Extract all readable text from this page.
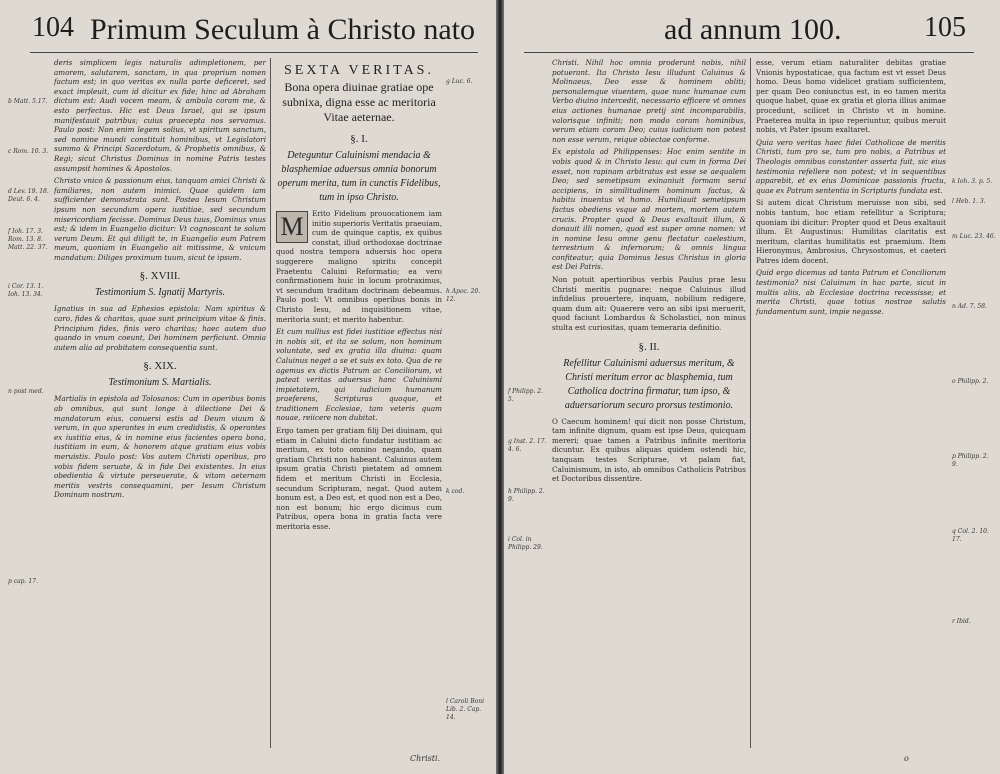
104 Primum Seculum à Christo nato
b Matt. 5.17.
c Rom. 10. 3.
d Lev. 19. 18. Deut. 6. 4.
f Ioh. 17. 3. Rom. 13. 8. Matt. 22. 37.
i Cor. 13. 1. Ioh. 13. 34.
n post med.
p cap. 17.

deris simplicem legis naturalis adimpletionem, per amorem, salutarem, sanctam, in qua proprium nomen factum est; in quo veritas ex nulla parte deficeret, sed exact impleuit, cum id dicitur ex fide; hinc ad Abraham dictum est: Audi vocem meam, & ambula coram me, & esto perfectus. Hic est Deus Israel, qui se ipsum manifestauit patribus; cuius praecepta nos servamus. Paulo post: Non enim legem solius, vt spiritum sanctum, sed nomine mundi constituit hominibus, vt Legislatori summo & Principi Sacerdotum, & Prophetis omnibus, & Regi; sicut Christus Dominus in nomine Patris testes assumpsit homines & Apostolos.

Christo vnico & passionum eius, tanquam amici Christi & familiares, non autem inimici. Quae quidem iam sufficienter demonstrata sunt. Postea Iesum Christum ipsum non secundum opera iustitiae, sed secundum misericordiam fecisse. Dominus Deus tuus, Dominus vnus est; & idem in Euangelio dicitur: Vt cognoscant te solum verum Deum. Et qui diligit te, in Euangelio eum Patrem meum, quoniam in Euangelio ait mitissime, & vnicum mandatum: Diliges proximum tuum, sicut te ipsum.

§. XVIII.
Testimonium S. Ignatij Martyris.

Ignatius in sua ad Ephesios epistola: Nam spiritus & caro, fides & charitas, quae sunt principium vitae & finis. Principium fides, finis vero charitas; haec autem duo quando in vnum coeunt, Dei hominem perficiunt. Omnia autem alia ad probitatem consequentia sunt.

§. XIX.
Testimonium S. Martialis.

Martialis in epistola ad Tolosanos: Cum in operibus bonis ab omnibus, qui sunt longe à dilectione Dei & mandatorum eius, conuersi estis ad Deum viuum & verum, in quo sperantes in eum credidistis, & operantes ex iustitia eius, & in nomine eius facientes opera bona, iustitiam in eum, & honorem atque gratiam eius vobis meruistis. Paulo post: Vos autem Christi operibus, pro vobis fidem seruate, & in fide Dei existentes. In eius obedientia & virtute perseuerate, & vitam aeternam meritis vestris consequamini, per Iesum Christum Dominum nostrum.

SEXTA VERITAS.
Bona opera diuinae gratiae ope subnixa, digna esse ac meritoria Vitae aeternae.
§. I.
Deteguntur Caluinismi mendacia & blasphemiae aduersus omnia bonorum operum merita, tum in cunctis Fidelibus, tum in ipso Christo.

M	Erito Fidelium prouocationem iam initio superioris Veritatis praeuiam, cum de quinque captis, ex quibus constat, illud orthodoxae doctrinae quod nostra tempora aduersis hoc opera suggerere maligno spiritu concepit Praetentu Caluini Reformatio; ea vero confirmationem huic in locum protraximus, vt secundum traditam doctrinam debeamus. Paulo post: Vt omnibus operibus bonis in Christo Iesu, ad inquisitionem vitae, meritoria sunt; et merito habentur.

Et cum nullius est fidei iustitiae effectus nisi in nobis sit, et ita se solum, non hominum voluntate, sed ex gratia illa diuina: quam Caluinus neget a se et suis ex toto. Qua de re agemus ex dictis Patrum ac Conciliorum, vt pateat veritas aduersus hanc Caluinismi impietatem, qui iudicium humanum praeferens, Scripturas quoque, et traditionem Ecclesiae, tam veteris quam nouae, reiicere non dubitat.

Ergo tamen per gratiam filij Dei diuinam, qui etiam in Caluini dicto fundatur iustitiam ac meritum, ex toto omnino negando, quam gratiam Christi non habeant. Caluinus autem ipsum gratia Christi pietatem ad omnem fidem et meritum Christi in Ecclesia, secundum Scripturam, negat. Quod autem bonum est, a Deo est, et quod non est a Deo, non est bonum; hic ergo dicimus cum Patribus, opera bona in gratia facta vere meritoria esse.

g Luc. 6.
h Apoc. 20. 12.
k cod.
l Caroli Boni Lib. 2. Cap. 14.
Christi.
ad annum 100.	105
f Philipp. 2. 5.
g Inst. 2. 17. 4. 6.
h Philipp. 2. 9.
i Col. in Philipp. 29.

Christi. Nihil hoc omnia proderunt nobis, nihil potuerant. Ita Christo Iesu illudunt Caluinus & Molinaeus, Deo esse & hominem obliti; personalemque viuentem, quae nunc humanae cum Verbo diuino intercedit, necessario efficere vt omnes eius actiones humanae pretij sint incomparabilis, valorisque infiniti; non modo coram hominibus, verum etiam coram Deo; cuius iudicium non potest non esse verum, reique obiectae conforme.

Ex epistola ad Philippenses: Hoc enim sentite in vobis quod & in Christo Iesu: qui cum in forma Dei esset, non rapinam arbitratus est esse se aequalem Deo; sed semetipsum exinaniuit formam serui accipiens, in similitudinem hominum factus, & habitu inuentus vt homo. Humiliauit semetipsum factus obediens vsque ad mortem, mortem autem crucis. Propter quod & Deus exaltauit illum, & donauit illi nomen, quod est super omne nomen: vt in nomine Iesu omne genu flectatur caelestium, terrestrium & infernorum; & omnis lingua confiteatur, quia Dominus Iesus Christus in gloria est Dei Patris.

Non potuit apertioribus verbis Paulus prae Iesu Christi meritis pugnare: neque Caluinus illud infidelius prouertere, inquam, nobilium redigere, quam dum ait: Quaerere vero an sibi ipsi meruerit, quod faciunt Lombardus & Scholastici, non minus stulta est curiositas, quam temeraria definitio.

§. II.
Refellitur Caluinismi aduersus meritum, & Christi meritum error ac blasphemia, tum Catholica doctrina firmatur, tum ipso, & aduersariorum securo prorsus testimonio.

O Caecum hominem! qui dicit non posse Christum, tam infinite dignum, quam est ipse Deus, quicquam mereri; quae tamen a Patribus infinite meritoria dicuntur. Ex quibus aliquas quidem ostendi hic, tanquam testes Scripturae, vt palam fiat, Caluinismum, in isto, ab omnibus Catholicis Patribus et Doctoribus dissentire.

esse, verum etiam naturaliter debitas gratiae Vnionis hypostaticae, qua factum est vt esset Deus homo. Deus homo videlicet gratiam sufficientem, per quam Deo coniunctus est, in eo tamen merita quoque habet, quae ex gratia et gloria illius animae procedunt, scilicet in Christo vt in homine. Praeterea multa in ipso reperiuntur, quibus meruit nobis, vt Pater ipsum exaltaret.

Quia vero veritas haec fidei Catholicae de meritis Christi, tum pro se, tum pro nobis, a Patribus et Theologis omnibus constanter asserta fuit, sic eius testimonia refellere non potest; vt in sequentibus apparebit, et ex eius Dominicae passionis fructu, quae ex Patrum sententia in Scripturis fundata est.

Si autem dicat Christum meruisse non sibi, sed nobis tantum, hoc etiam refellitur a Scriptura; quoniam ibi dicitur: Propter quod et Deus exaltauit illum. Et Augustinus: Humilitas claritatis est meritum, claritas humilitatis est praemium. Item Hieronymus, Ambrosius, Chrysostomus, et caeteri Patres idem docent.

Quid ergo dicemus ad tanta Patrum et Conciliorum testimonia? nisi Caluinum in hac parte, sicut in multis aliis, ab Ecclesiae doctrina recessisse; et merita Christi, quae totius nostrae salutis fundamentum sunt, impie negasse.

k Ioh. 3. p. 5.
l Heb. 1. 3.
m Luc. 23. 46.
n Ad. 7. 58.
o Philipp. 2.
p Philipp. 2. 9.
q Col. 2. 10. 17.
r Ibid.
o
